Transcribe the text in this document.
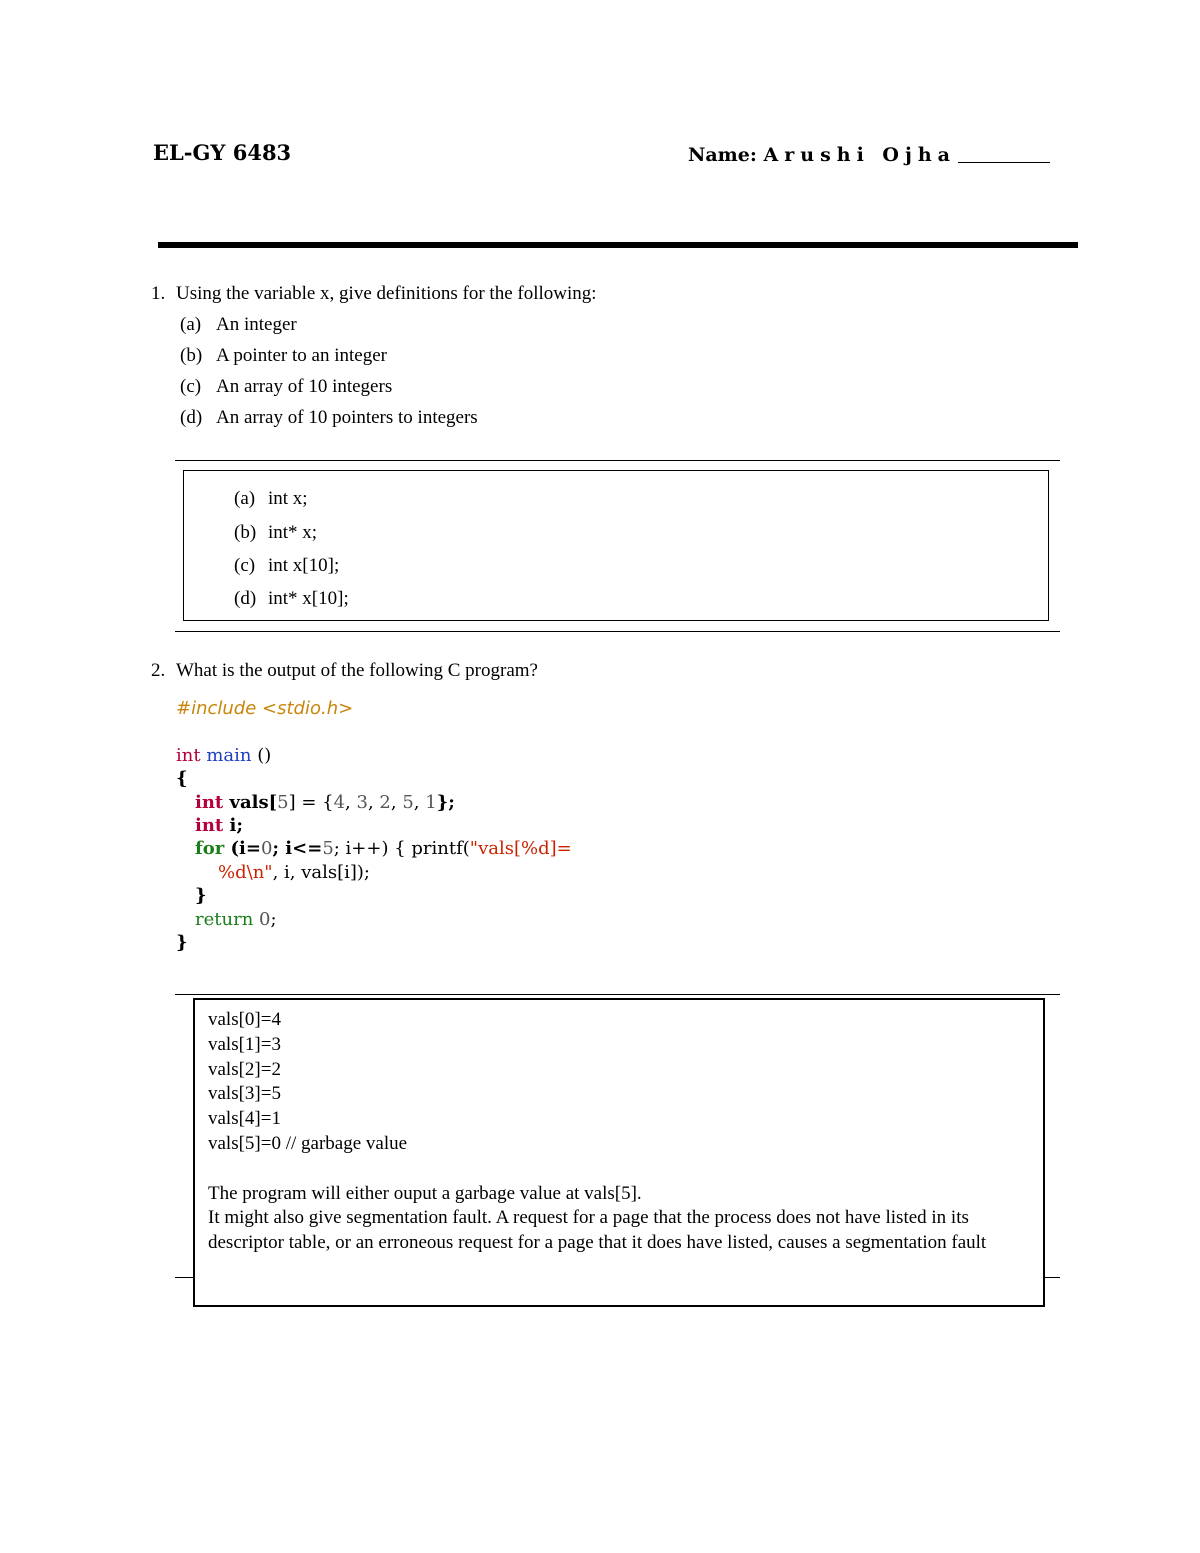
EL-GY 6483	Name: Arushi Ojha
1. Using the variable x, give definitions for the following:
(a) An integer
(b) A pointer to an integer
(c) An array of 10 integers
(d) An array of 10 pointers to integers
(a) int x;
(b) int* x;
(c) int x[10];
(d) int* x[10];
2. What is the output of the following C program?
#include <stdio.h>
int main ()
{
int vals[5] = {4, 3, 2, 5, 1};
int i;
for (i=0; i<=5; i++) { printf("vals[%d]=
%d\n", i, vals[i]);
}
return 0;
}
vals[0]=4
vals[1]=3
vals[2]=2
vals[3]=5
vals[4]=1
vals[5]=0 // garbage value
The program will either ouput a garbage value at vals[5].
It might also give segmentation fault. A request for a page that the process does not have listed in its descriptor table, or an erroneous request for a page that it does have listed, causes a segmentation fault
